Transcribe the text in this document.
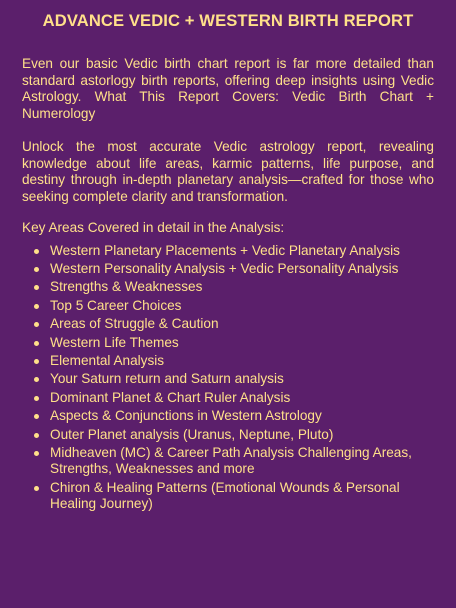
ADVANCE VEDIC + WESTERN BIRTH REPORT

Even our basic Vedic birth chart report is far more detailed than standard astorlogy birth reports, offering deep insights using Vedic Astrology. What This Report Covers: Vedic Birth Chart + Numerology

Unlock the most accurate Vedic astrology report, revealing knowledge about life areas, karmic patterns, life purpose, and destiny through in-depth planetary analysis—crafted for those who seeking complete clarity and transformation.

Key Areas Covered in detail in the Analysis:
Western Planetary Placements + Vedic Planetary Analysis
Western Personality Analysis + Vedic Personality Analysis
Strengths & Weaknesses
Top 5 Career Choices
Areas of Struggle & Caution
Western Life Themes
Elemental Analysis
Your Saturn return and Saturn analysis
Dominant Planet & Chart Ruler Analysis
Aspects & Conjunctions in Western Astrology
Outer Planet analysis (Uranus, Neptune, Pluto)
Midheaven (MC) & Career Path Analysis Challenging Areas, Strengths, Weaknesses and more
Chiron & Healing Patterns (Emotional Wounds & Personal Healing Journey)
